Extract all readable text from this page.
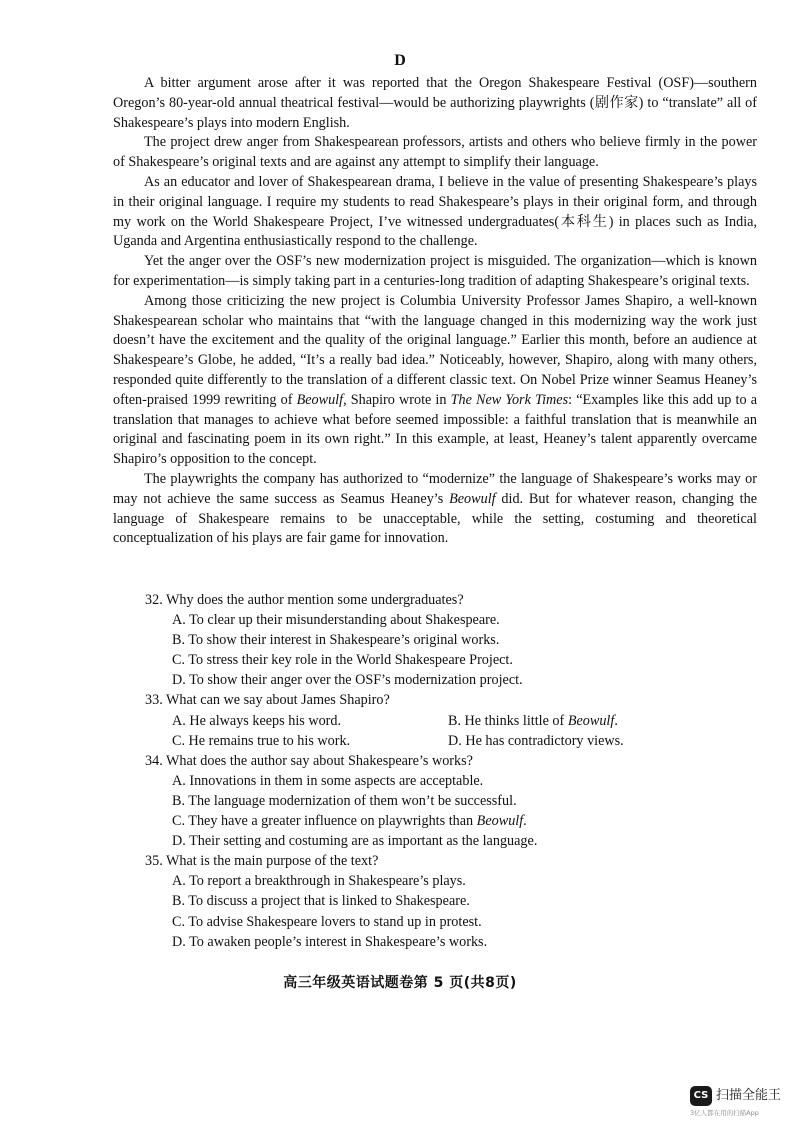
D

A bitter argument arose after it was reported that the Oregon Shakespeare Festival (OSF)—southern Oregon’s 80-year-old annual theatrical festival—would be authorizing playwrights (剧作家) to “translate” all of Shakespeare’s plays into modern English.

The project drew anger from Shakespearean professors, artists and others who believe firmly in the power of Shakespeare’s original texts and are against any attempt to simplify their language.

As an educator and lover of Shakespearean drama, I believe in the value of presenting Shakespeare’s plays in their original language. I require my students to read Shakespeare’s plays in their original form, and through my work on the World Shakespeare Project, I’ve witnessed undergraduates(本科生) in places such as India, Uganda and Argentina enthusiastically respond to the challenge.

Yet the anger over the OSF’s new modernization project is misguided. The organization—which is known for experimentation—is simply taking part in a centuries-long tradition of adapting Shakespeare’s original texts.

Among those criticizing the new project is Columbia University Professor James Shapiro, a well-known Shakespearean scholar who maintains that “with the language changed in this modernizing way the work just doesn’t have the excitement and the quality of the original language.” Earlier this month, before an audience at Shakespeare’s Globe, he added, “It’s a really bad idea.” Noticeably, however, Shapiro, along with many others, responded quite differently to the translation of a different classic text. On Nobel Prize winner Seamus Heaney’s often-praised 1999 rewriting of Beowulf, Shapiro wrote in The New York Times: “Examples like this add up to a translation that manages to achieve what before seemed impossible: a faithful translation that is meanwhile an original and fascinating poem in its own right.” In this example, at least, Heaney’s talent apparently overcame Shapiro’s opposition to the concept.

The playwrights the company has authorized to “modernize” the language of Shakespeare’s works may or may not achieve the same success as Seamus Heaney’s Beowulf did. But for whatever reason, changing the language of Shakespeare remains to be unacceptable, while the setting, costuming and theoretical conceptualization of his plays are fair game for innovation.

32. Why does the author mention some undergraduates?
A. To clear up their misunderstanding about Shakespeare.
B. To show their interest in Shakespeare’s original works.
C. To stress their key role in the World Shakespeare Project.
D. To show their anger over the OSF’s modernization project.
33. What can we say about James Shapiro?
A. He always keeps his word.	B. He thinks little of Beowulf.
C. He remains true to his work.	D. He has contradictory views.
34. What does the author say about Shakespeare’s works?
A. Innovations in them in some aspects are acceptable.
B. The language modernization of them won’t be successful.
C. They have a greater influence on playwrights than Beowulf.
D. Their setting and costuming are as important as the language.
35. What is the main purpose of the text?
A. To report a breakthrough in Shakespeare’s plays.
B. To discuss a project that is linked to Shakespeare.
C. To advise Shakespeare lovers to stand up in protest.
D. To awaken people’s interest in Shakespeare’s works.
高三年级英语试题卷第 5 页(共8页)
CS 扫描全能王
3亿人都在用的扫描App
